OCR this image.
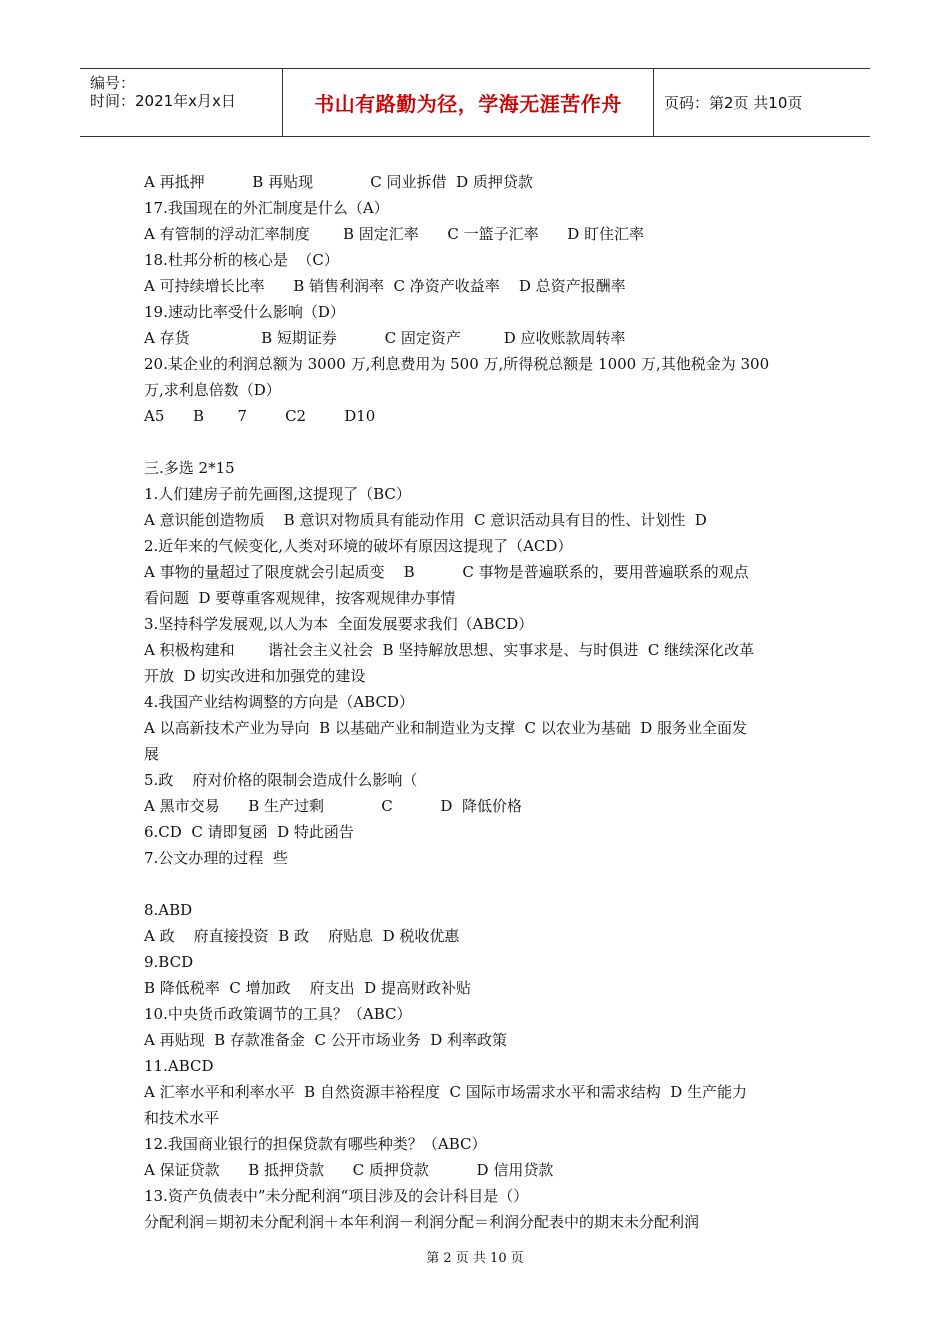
编号：
时间：2021年x月x日	书山有路勤为径，学海无涯苦作舟	页码：第2页 共10页
A 再抵押          B 再贴现            C 同业拆借  D 质押贷款
17.我国现在的外汇制度是什么（A）
A 有管制的浮动汇率制度       B 固定汇率      C 一篮子汇率      D 盯住汇率
18.杜邦分析的核心是  （C）
A 可持续增长比率      B 销售利润率  C 净资产收益率    D 总资产报酬率
19.速动比率受什么影响（D）
A 存货               B 短期证券          C 固定资产         D 应收账款周转率
20.某企业的利润总额为 3000 万,利息费用为 500 万,所得税总额是 1000 万,其他税金为 300
万,求利息倍数（D）
A5      B       7        C2        D10
三.多选 2*15
1.人们建房子前先画图,这提现了（BC）
A 意识能创造物质    B 意识对物质具有能动作用  C 意识活动具有目的性、计划性  D
2.近年来的气候变化,人类对环境的破坏有原因这提现了（ACD）
A 事物的量超过了限度就会引起质变    B          C 事物是普遍联系的，要用普遍联系的观点
看问题  D 要尊重客观规律，按客观规律办事情
3.坚持科学发展观,以人为本  全面发展要求我们（ABCD）
A 积极构建和       谐社会主义社会  B 坚持解放思想、实事求是、与时俱进  C 继续深化改革
开放  D 切实改进和加强党的建设
4.我国产业结构调整的方向是（ABCD）
A 以高新技术产业为导向  B 以基础产业和制造业为支撑  C 以农业为基础  D 服务业全面发
展
5.政    府对价格的限制会造成什么影响（
A 黑市交易      B 生产过剩            C          D  降低价格
6.CD  C 请即复函  D 特此函告
7.公文办理的过程  些
8.ABD
A 政    府直接投资  B 政    府贴息  D 税收优惠
9.BCD
B 降低税率  C 增加政    府支出  D 提高财政补贴
10.中央货币政策调节的工具？（ABC）
A 再贴现  B 存款准备金  C 公开市场业务  D 利率政策
11.ABCD
A 汇率水平和利率水平  B 自然资源丰裕程度  C 国际市场需求水平和需求结构  D 生产能力
和技术水平
12.我国商业银行的担保贷款有哪些种类？（ABC）
A 保证贷款      B 抵押贷款      C 质押贷款          D 信用贷款
13.资产负债表中”未分配利润“项目涉及的会计科目是（）
分配利润＝期初未分配利润＋本年利润－利润分配＝利润分配表中的期末未分配利润
第 2 页 共 10 页
